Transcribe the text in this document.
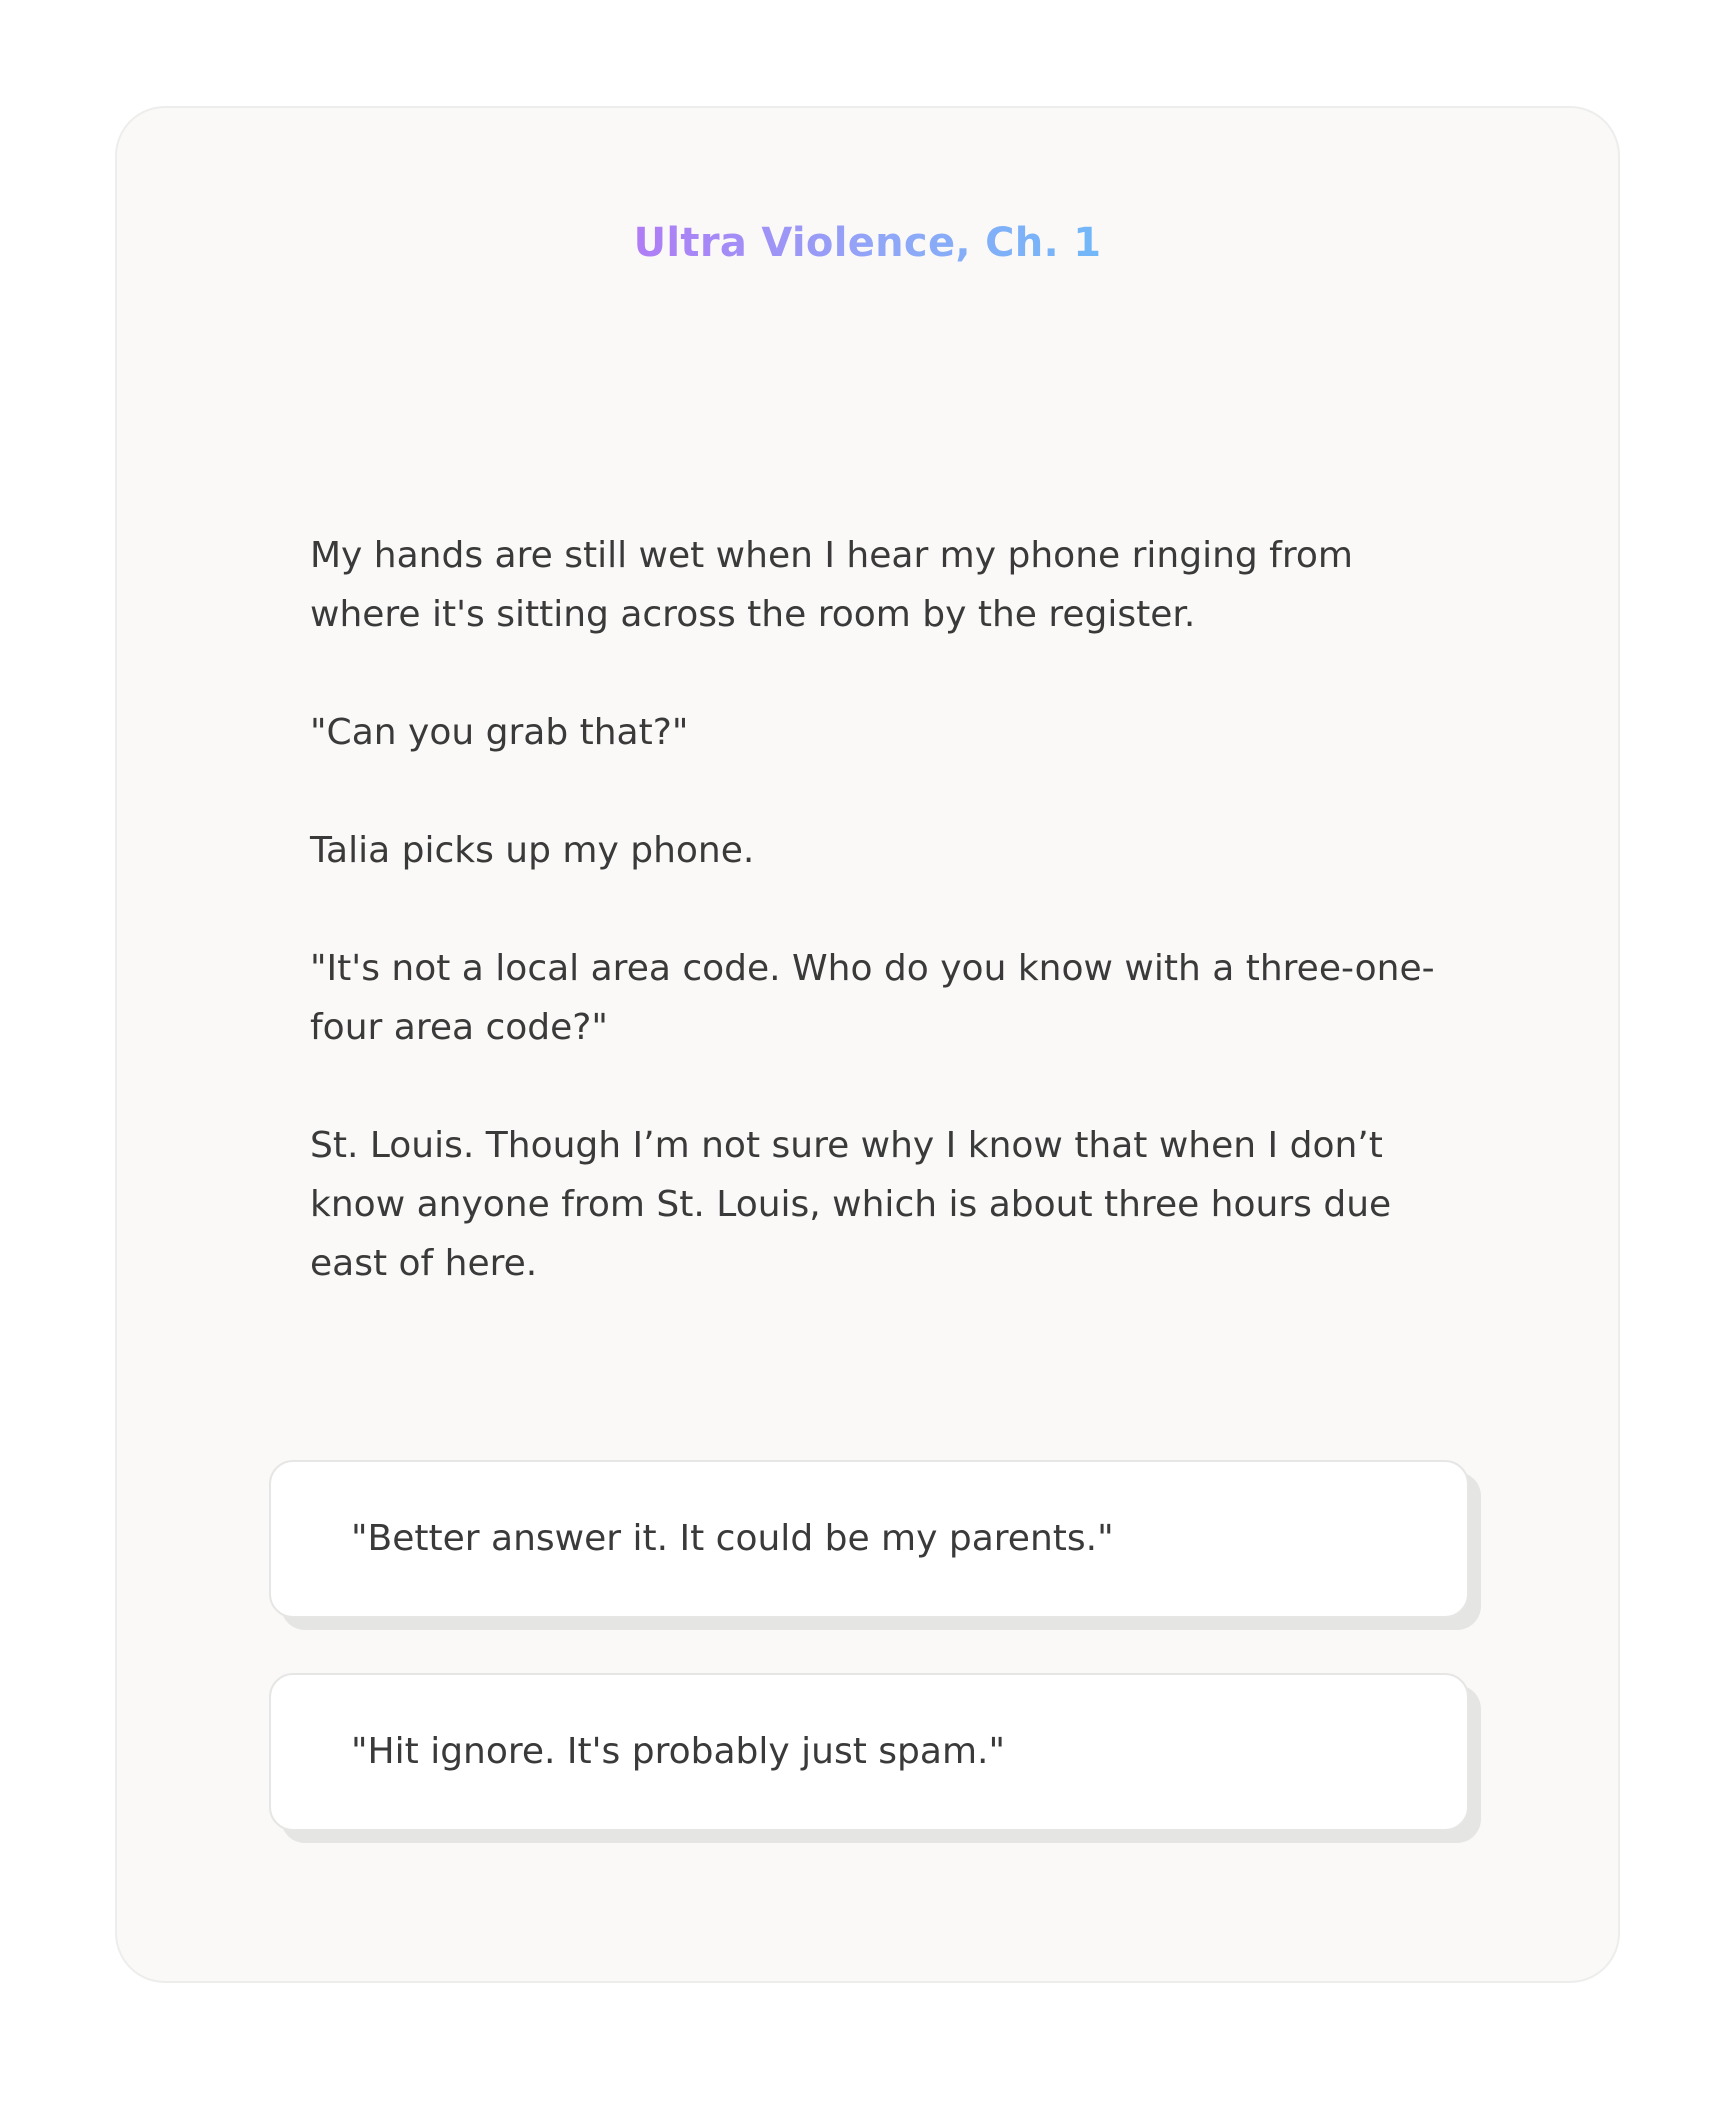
Ultra Violence, Ch. 1

My hands are still wet when I hear my phone ringing from where it's sitting across the room by the register.

"Can you grab that?"

Talia picks up my phone.

"It's not a local area code. Who do you know with a three-one-four area code?"

St. Louis. Though I’m not sure why I know that when I don’t know anyone from St. Louis, which is about three hours due east of here.

"Better answer it. It could be my parents."
"Hit ignore. It's probably just spam."
